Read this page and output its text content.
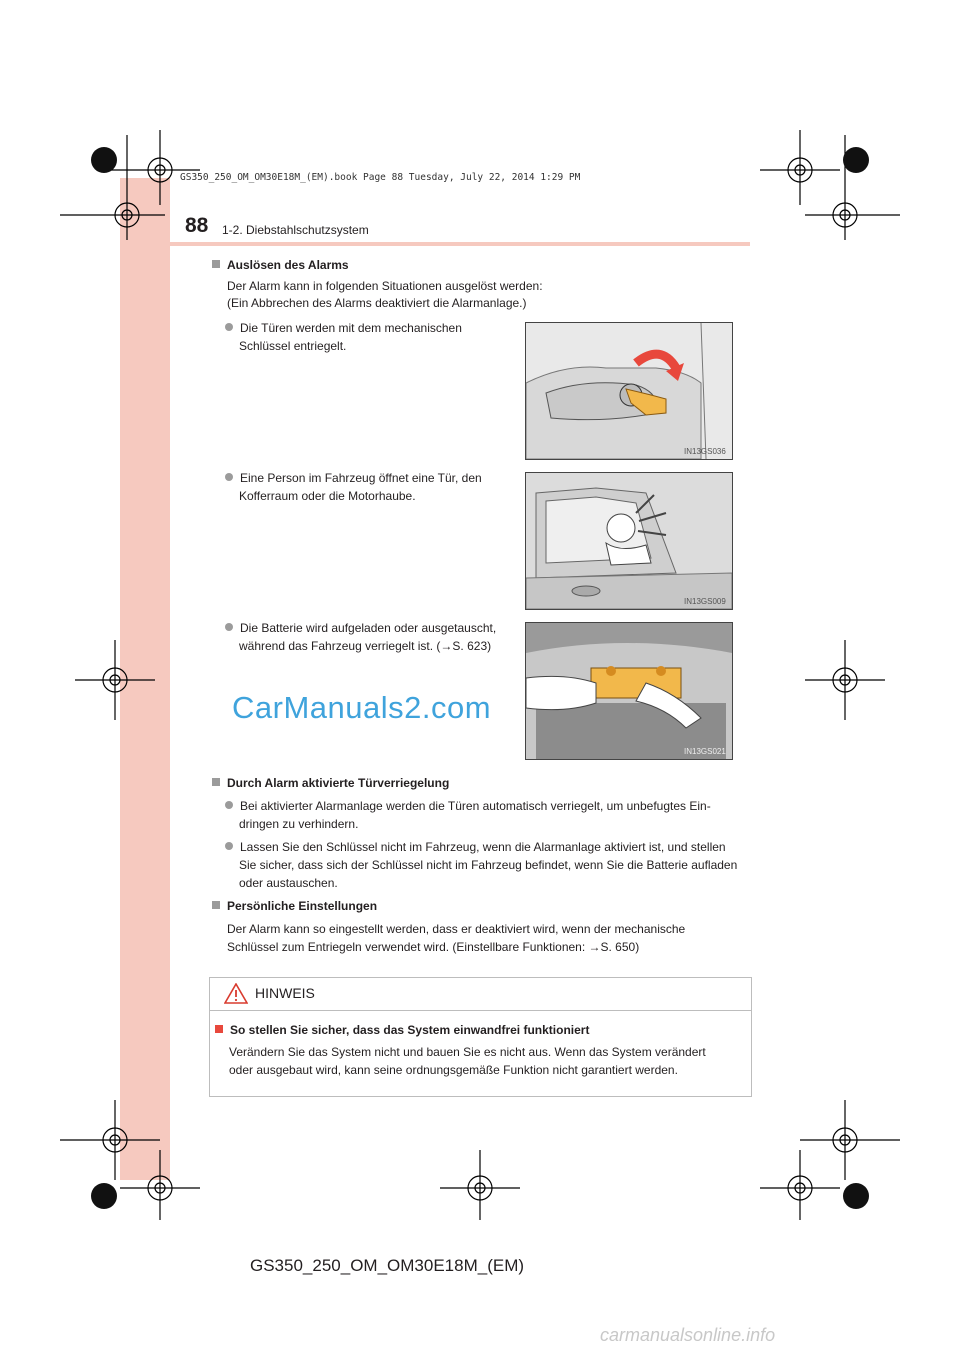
GS350_250_OM_OM30E18M_(EM).book Page 88 Tuesday, July 22, 2014 1:29 PM
88 1-2. Diebstahlschutzsystem
Auslösen des Alarms
Der Alarm kann in folgenden Situationen ausgelöst werden:
(Ein Abbrechen des Alarms deaktiviert die Alarmanlage.)
Die Türen werden mit dem mechanischen
Schlüssel entriegelt.
Eine Person im Fahrzeug öffnet eine Tür, den
Kofferraum oder die Motorhaube.
Die Batterie wird aufgeladen oder ausgetauscht,
während das Fahrzeug verriegelt ist. (→S. 623)
IN13GS036
IN13GS009
IN13GS021
CarManuals2.com
Durch Alarm aktivierte Türverriegelung
Bei aktivierter Alarmanlage werden die Türen automatisch verriegelt, um unbefugtes Ein-
dringen zu verhindern.
Lassen Sie den Schlüssel nicht im Fahrzeug, wenn die Alarmanlage aktiviert ist, und stellen
Sie sicher, dass sich der Schlüssel nicht im Fahrzeug befindet, wenn Sie die Batterie aufladen
oder austauschen.
Persönliche Einstellungen
Der Alarm kann so eingestellt werden, dass er deaktiviert wird, wenn der mechanische
Schlüssel zum Entriegeln verwendet wird. (Einstellbare Funktionen: →S. 650)
HINWEIS
So stellen Sie sicher, dass das System einwandfrei funktioniert
Verändern Sie das System nicht und bauen Sie es nicht aus. Wenn das System verändert
oder ausgebaut wird, kann seine ordnungsgemäße Funktion nicht garantiert werden.
GS350_250_OM_OM30E18M_(EM)
carmanualsonline.info
